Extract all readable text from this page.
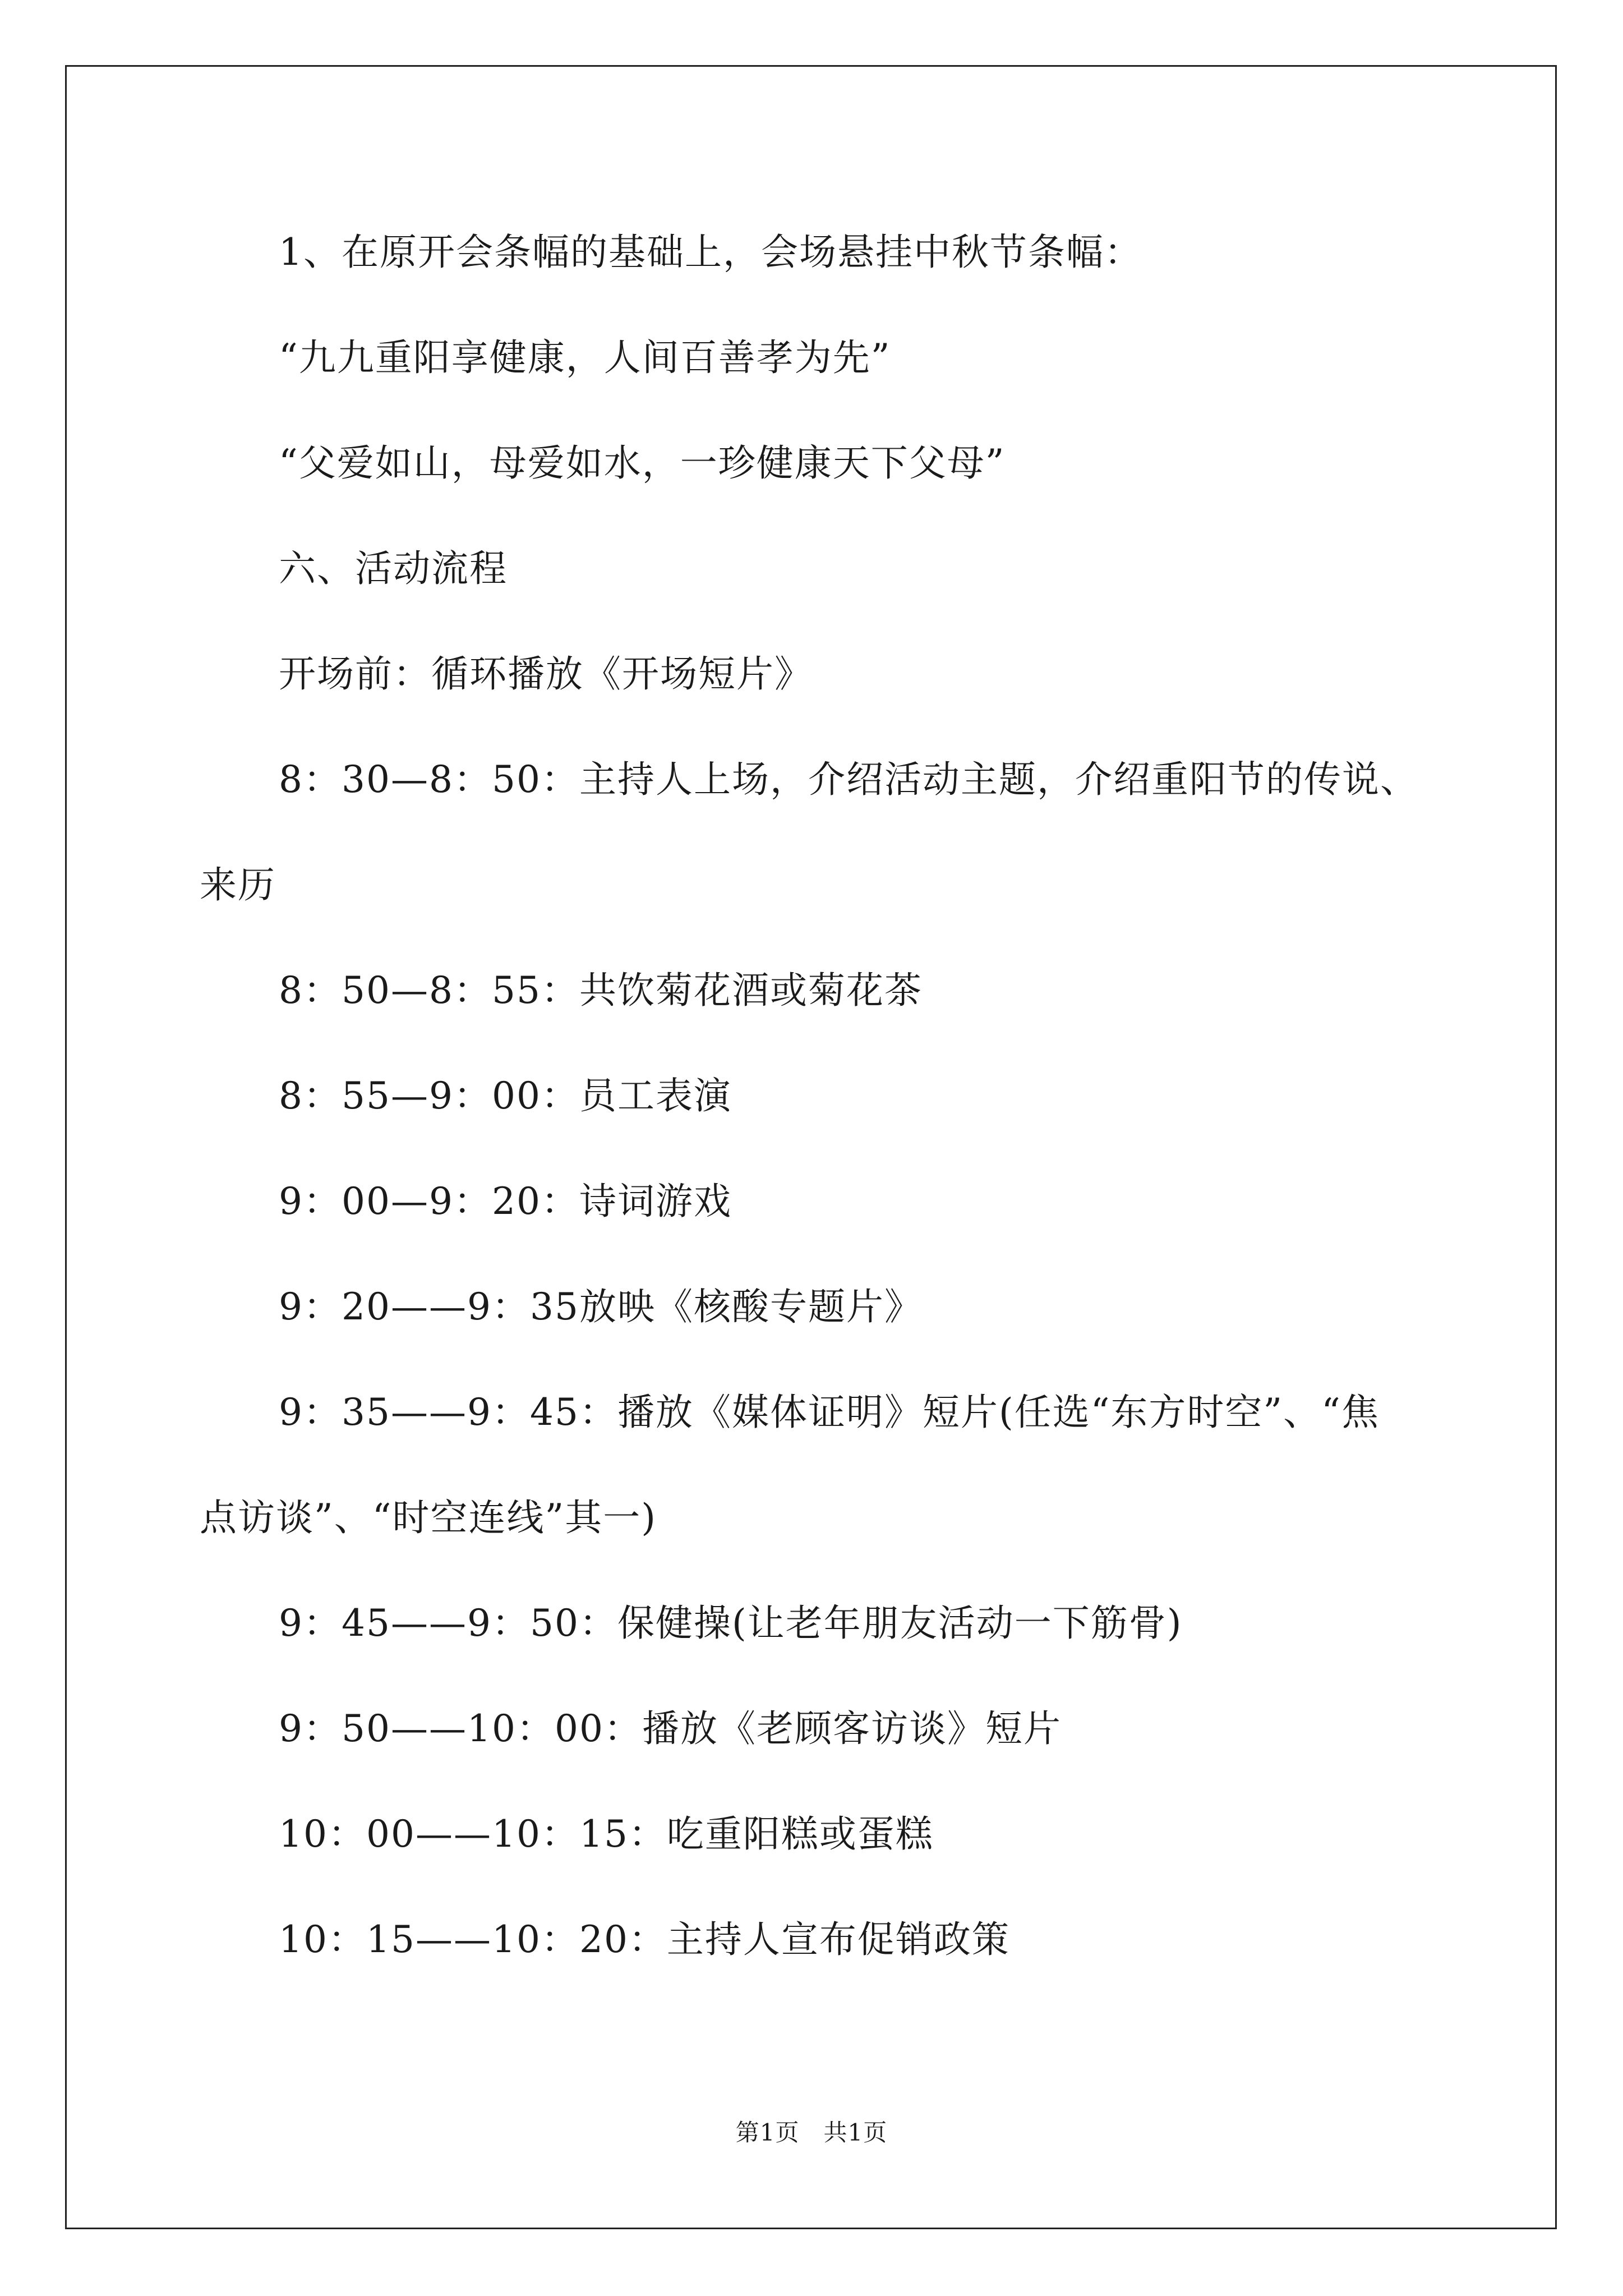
1、在原开会条幅的基础上，会场悬挂中秋节条幅：
“九九重阳享健康，人间百善孝为先”
“父爱如山，母爱如水，一珍健康天下父母”
六、活动流程
开场前：循环播放《开场短片》
8：30—8：50：主持人上场，介绍活动主题，介绍重阳节的传说、
来历
8：50—8：55：共饮菊花酒或菊花茶
8：55—9：00：员工表演
9：00—9：20：诗词游戏
9：20——9：35放映《核酸专题片》
9：35——9：45：播放《媒体证明》短片(任选“东方时空”、“焦
点访谈”、“时空连线”其一)
9：45——9：50：保健操(让老年朋友活动一下筋骨)
9：50——10：00：播放《老顾客访谈》短片
10：00——10：15：吃重阳糕或蛋糕
10：15——10：20：主持人宣布促销政策
第1页　共1页
